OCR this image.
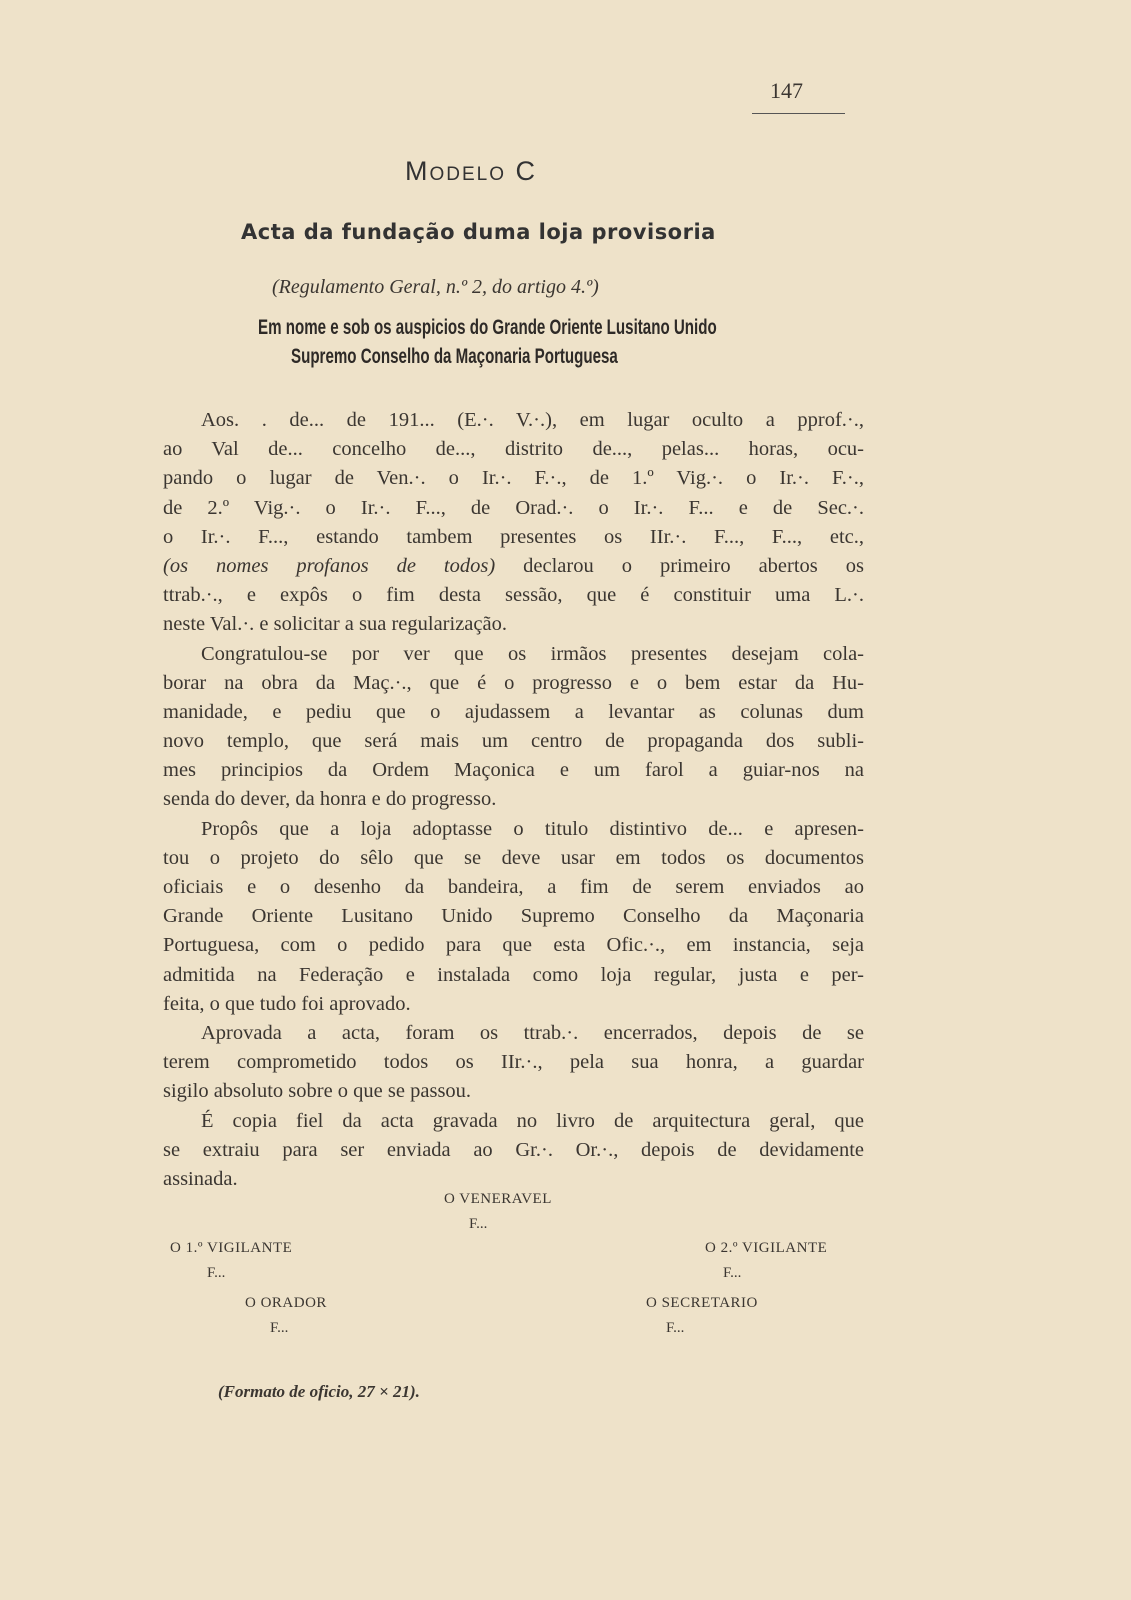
147
Modelo C
Acta da fundação duma loja provisoria
(Regulamento Geral, n.º 2, do artigo 4.º)
Em nome e sob os auspicios do Grande Oriente Lusitano Unido
Supremo Conselho da Maçonaria Portuguesa
Aos. . de... de 191... (E.·. V.·.), em lugar oculto a pprof.·.,
ao Val de... concelho de..., distrito de..., pelas... horas, ocu-
pando o lugar de Ven.·. o Ir.·. F.·., de 1.º Vig.·. o Ir.·. F.·.,
de 2.º Vig.·. o Ir.·. F..., de Orad.·. o Ir.·. F... e de Sec.·.
o Ir.·. F..., estando tambem presentes os IIr.·. F..., F..., etc.,
(os nomes profanos de todos) declarou o primeiro abertos os
ttrab.·., e expôs o fim desta sessão, que é constituir uma L.·.
neste Val.·. e solicitar a sua regularização.
Congratulou-se por ver que os irmãos presentes desejam cola-
borar na obra da Maç.·., que é o progresso e o bem estar da Hu-
manidade, e pediu que o ajudassem a levantar as colunas dum
novo templo, que será mais um centro de propaganda dos subli-
mes principios da Ordem Maçonica e um farol a guiar-nos na
senda do dever, da honra e do progresso.
Propôs que a loja adoptasse o titulo distintivo de... e apresen-
tou o projeto do sêlo que se deve usar em todos os documentos
oficiais e o desenho da bandeira, a fim de serem enviados ao
Grande Oriente Lusitano Unido Supremo Conselho da Maçonaria
Portuguesa, com o pedido para que esta Ofic.·., em instancia, seja
admitida na Federação e instalada como loja regular, justa e per-
feita, o que tudo foi aprovado.
Aprovada a acta, foram os ttrab.·. encerrados, depois de se
terem comprometido todos os IIr.·., pela sua honra, a guardar
sigilo absoluto sobre o que se passou.
É copia fiel da acta gravada no livro de arquitectura geral, que
se extraiu para ser enviada ao Gr.·. Or.·., depois de devidamente
assinada.
O VENERAVEL
F...
O 1.º VIGILANTE
F...
O 2.º VIGILANTE
F...
O ORADOR
F...
O SECRETARIO
F...
(Formato de oficio, 27 × 21).
